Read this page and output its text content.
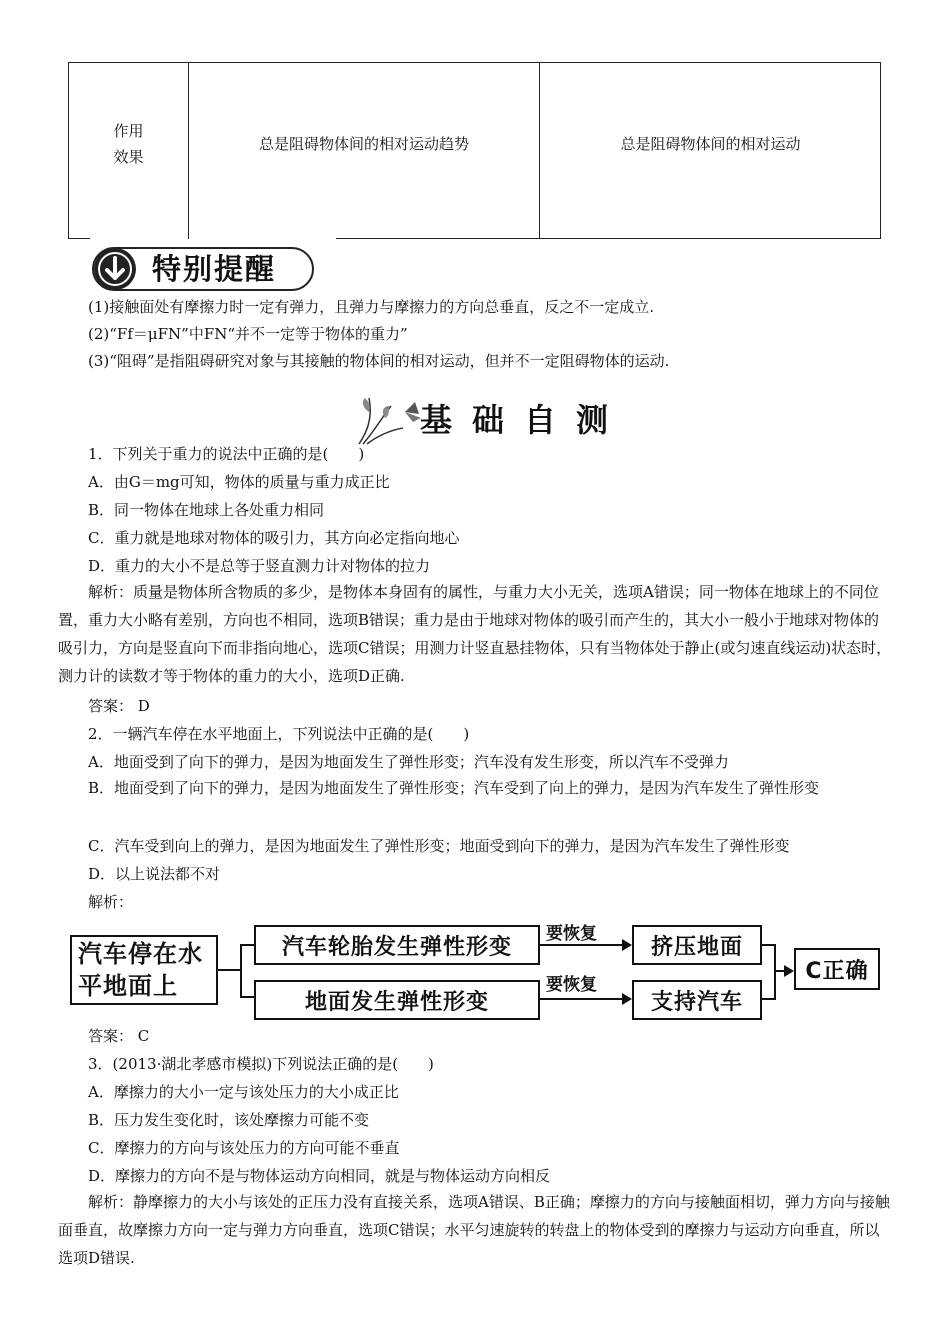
作用
效果
总是阻碍物体间的相对运动趋势	总是阻碍物体间的相对运动
特别提醒
(1)接触面处有摩擦力时一定有弹力，且弹力与摩擦力的方向总垂直，反之不一定成立.
(2)“Ff＝μFN”中FN“并不一定等于物体的重力”
(3)“阻碍”是指阻碍研究对象与其接触的物体间的相对运动，但并不一定阻碍物体的运动.
基 础 自 测
1．下列关于重力的说法中正确的是(　　)
A．由G＝mg可知，物体的质量与重力成正比
B．同一物体在地球上各处重力相同
C．重力就是地球对物体的吸引力，其方向必定指向地心
D．重力的大小不是总等于竖直测力计对物体的拉力
解析：质量是物体所含物质的多少，是物体本身固有的属性，与重力大小无关，选项A错误；同一物体在地球上的不同位置，重力大小略有差别，方向也不相同，选项B错误；重力是由于地球对物体的吸引而产生的，其大小一般小于地球对物体的吸引力，方向是竖直向下而非指向地心，选项C错误；用测力计竖直悬挂物体，只有当物体处于静止(或匀速直线运动)状态时，测力计的读数才等于物体的重力的大小，选项D正确.
答案： D
2．一辆汽车停在水平地面上，下列说法中正确的是(　　)
A．地面受到了向下的弹力，是因为地面发生了弹性形变；汽车没有发生形变，所以汽车不受弹力
B．地面受到了向下的弹力，是因为地面发生了弹性形变；汽车受到了向上的弹力，是因为汽车发生了弹性形变
C．汽车受到向上的弹力，是因为地面发生了弹性形变；地面受到向下的弹力，是因为汽车发生了弹性形变
D．以上说法都不对
解析：
汽车停在水平地面上
汽车轮胎发生弹性形变
地面发生弹性形变
要恢复
要恢复
挤压地面
支持汽车
C正确
答案： C
3．(2013·湖北孝感市模拟)下列说法正确的是(　　)
A．摩擦力的大小一定与该处压力的大小成正比
B．压力发生变化时，该处摩擦力可能不变
C．摩擦力的方向与该处压力的方向可能不垂直
D．摩擦力的方向不是与物体运动方向相同，就是与物体运动方向相反
解析：静摩擦力的大小与该处的正压力没有直接关系，选项A错误、B正确；摩擦力的方向与接触面相切，弹力方向与接触面垂直，故摩擦力方向一定与弹力方向垂直，选项C错误；水平匀速旋转的转盘上的物体受到的摩擦力与运动方向垂直，所以选项D错误.
